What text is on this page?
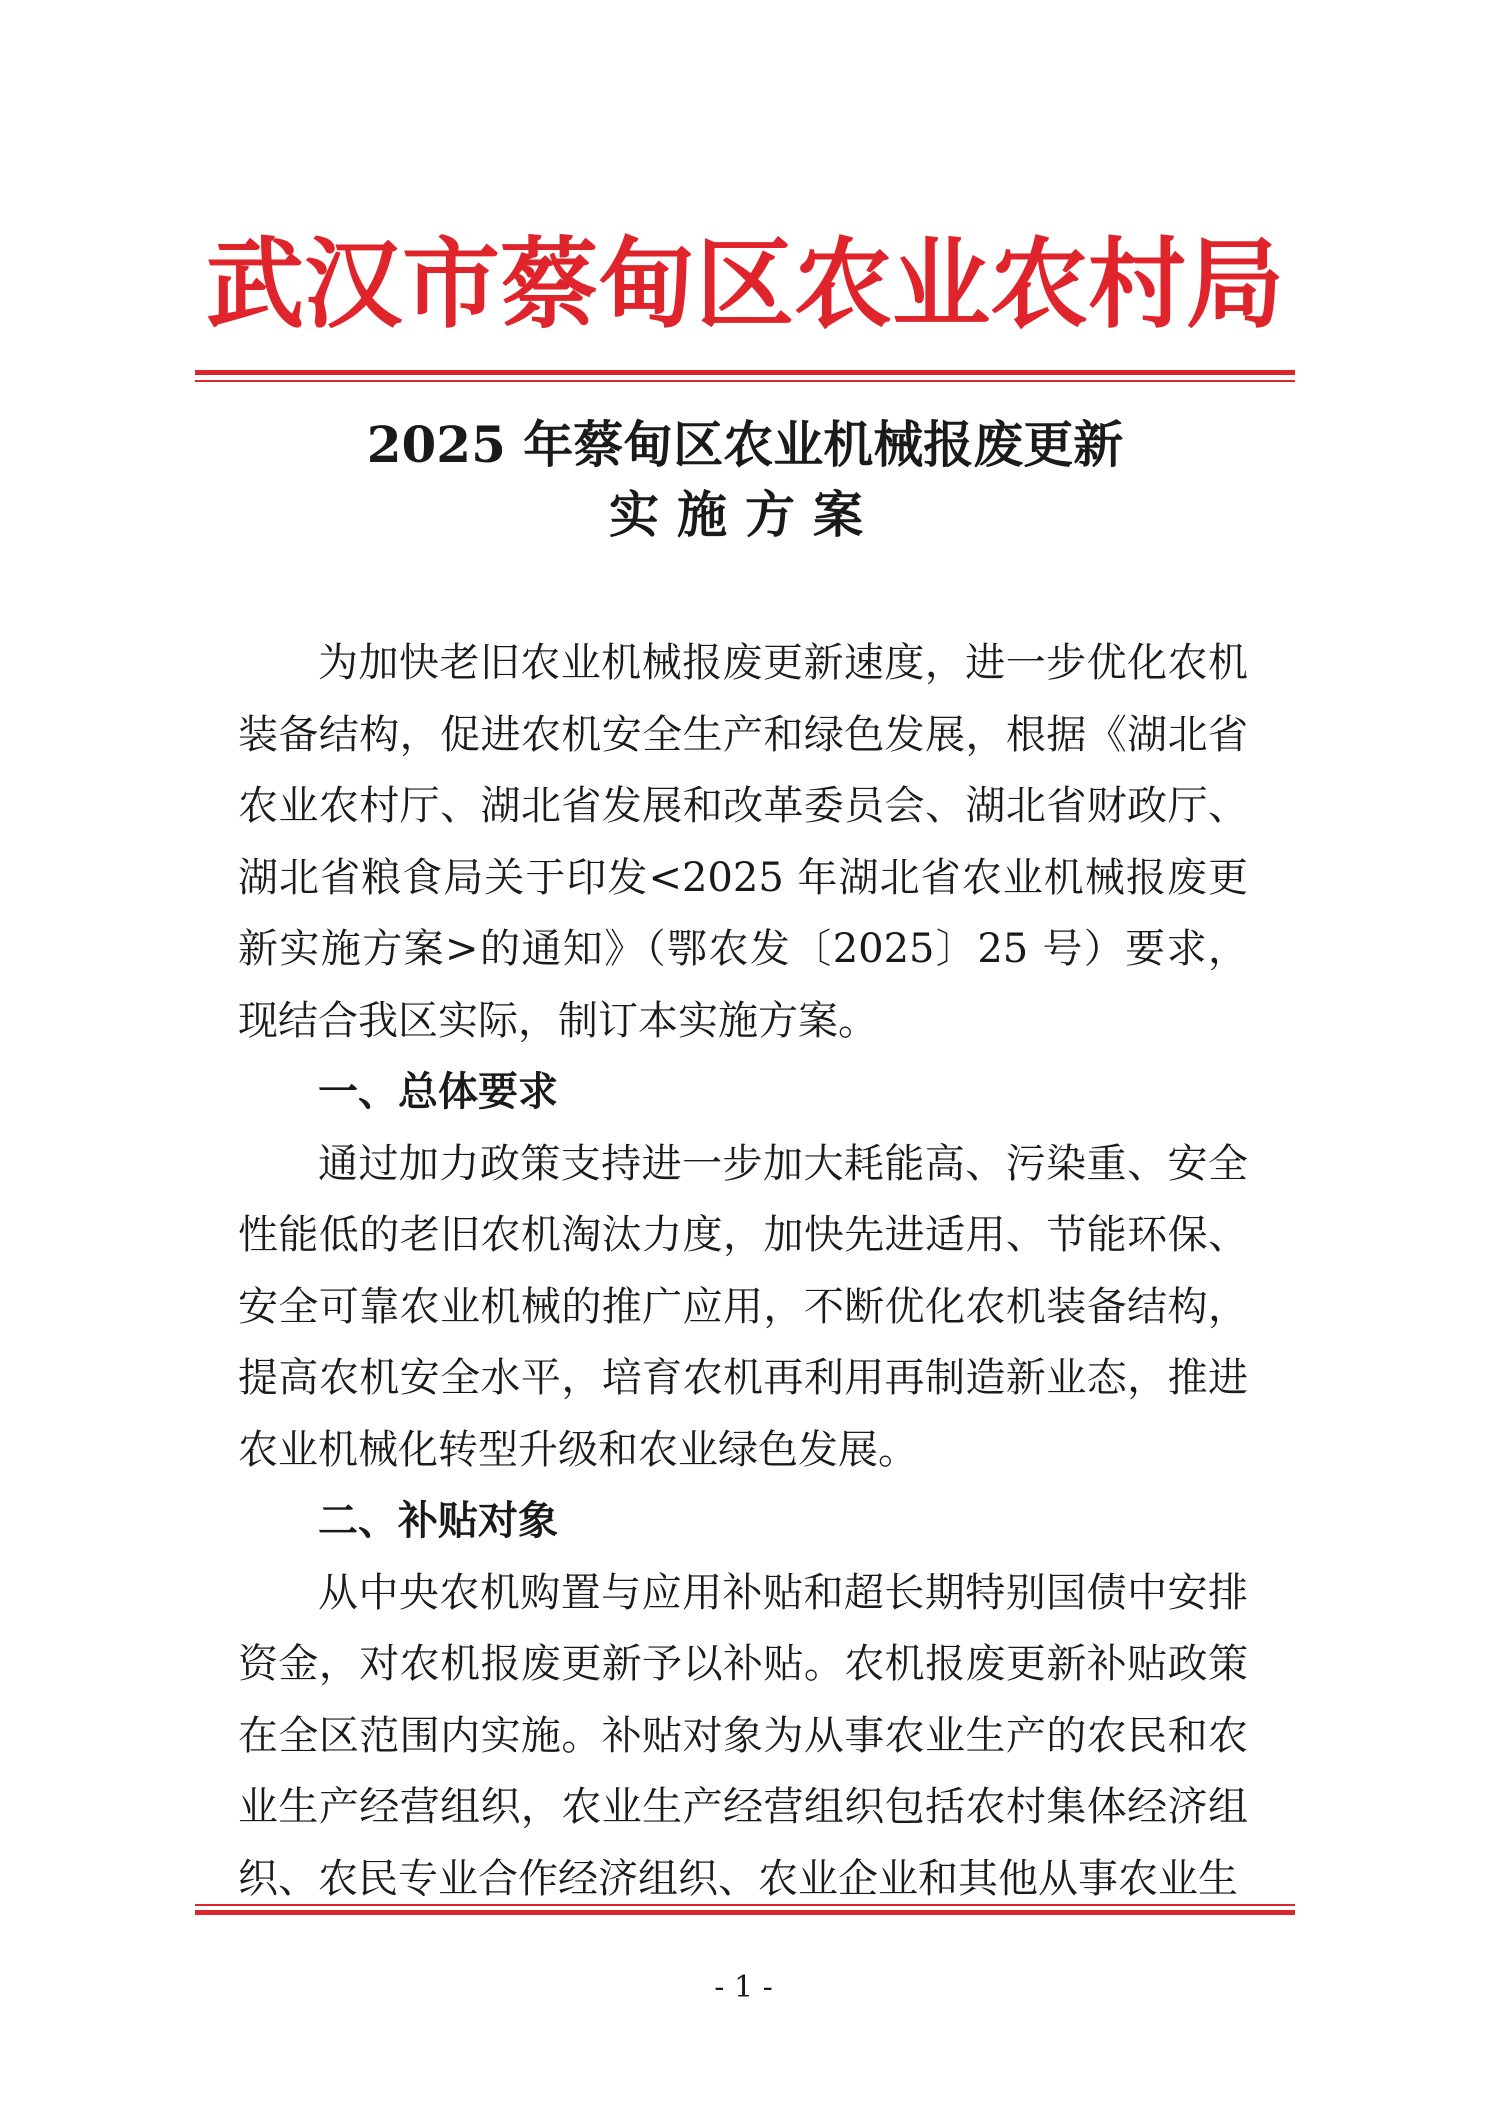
武汉市蔡甸区农业农村局
2025 年蔡甸区农业机械报废更新
实施方案

为加快老旧农业机械报废更新速度，进一步优化农机装备结构，促进农机安全生产和绿色发展，根据《湖北省农业农村厅、湖北省发展和改革委员会、湖北省财政厅、湖北省粮食局关于印发<2025 年湖北省农业机械报废更新实施方案>的通知》（鄂农发〔2025〕25 号）要求，现结合我区实际，制订本实施方案。

一、总体要求

通过加力政策支持进一步加大耗能高、污染重、安全性能低的老旧农机淘汰力度，加快先进适用、节能环保、安全可靠农业机械的推广应用，不断优化农机装备结构，提高农机安全水平，培育农机再利用再制造新业态，推进农业机械化转型升级和农业绿色发展。

二、补贴对象

从中央农机购置与应用补贴和超长期特别国债中安排资金，对农机报废更新予以补贴。农机报废更新补贴政策在全区范围内实施。补贴对象为从事农业生产的农民和农业生产经营组织，农业生产经营组织包括农村集体经济组织、农民专业合作经济组织、农业企业和其他从事农业生

- 1 -
